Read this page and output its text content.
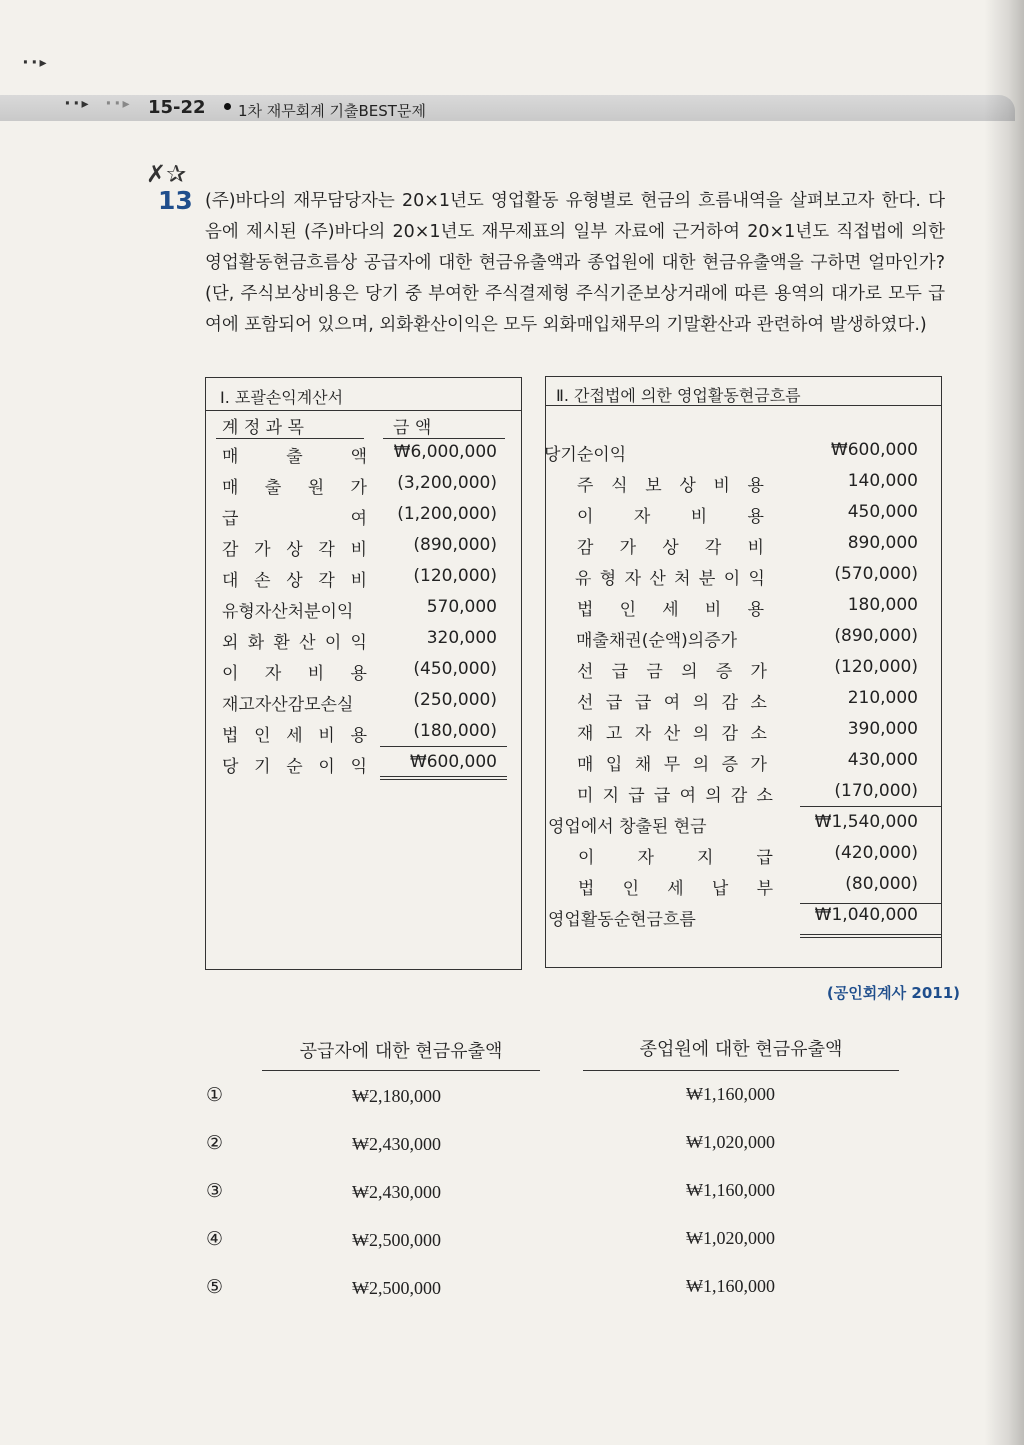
··▸
··▸ ··▸ 15-22 1차 재무회계 기출BEST문제
✗✰
13 (주)바다의 재무담당자는 20×1년도 영업활동 유형별로 현금의 흐름내역을 살펴보고자 한다. 다음에 제시된 (주)바다의 20×1년도 재무제표의 일부 자료에 근거하여 20×1년도 직접법에 의한 영업활동현금흐름상 공급자에 대한 현금유출액과 종업원에 대한 현금유출액을 구하면 얼마인가? (단, 주식보상비용은 당기 중 부여한 주식결제형 주식기준보상거래에 따른 용역의 대가로 모두 급여에 포함되어 있으며, 외화환산이익은 모두 외화매입채무의 기말환산과 관련하여 발생하였다.)
Ⅰ. 포괄손익계산서
계 정 과 목	금 액
매	출	액	₩6,000,000
매 출 원 가	(3,200,000)
급	여	(1,200,000)
감 가 상 각 비	(890,000)
대 손 상 각 비	(120,000)
유형자산처분이익	570,000
외 화 환 산 이 익	320,000
이 자 비 용	(450,000)
재고자산감모손실	(250,000)
법 인 세 비 용	(180,000)
당 기 순 이 익	₩600,000
Ⅱ. 간접법에 의한 영업활동현금흐름
당기순이익	₩600,000
주 식 보 상 비 용	140,000
이 자 비 용	450,000
감 가 상 각 비	890,000
유 형 자 산 처 분 이 익	(570,000)
법 인 세 비 용	180,000
매출채권(순액)의증가	(890,000)
선 급 금 의 증 가	(120,000)
선 급 급 여 의 감 소	210,000
재 고 자 산 의 감 소	390,000
매 입 채 무 의 증 가	430,000
미 지 급 급 여 의 감 소	(170,000)
영업에서 창출된 현금	₩1,540,000
이	자	지	급	(420,000)
법 인 세 납 부	(80,000)
영업활동순현금흐름	₩1,040,000
(공인회계사 2011)
공급자에 대한 현금유출액	종업원에 대한 현금유출액
①	₩2,180,000	₩1,160,000
②	₩2,430,000	₩1,020,000
③	₩2,430,000	₩1,160,000
④	₩2,500,000	₩1,020,000
⑤	₩2,500,000	₩1,160,000
